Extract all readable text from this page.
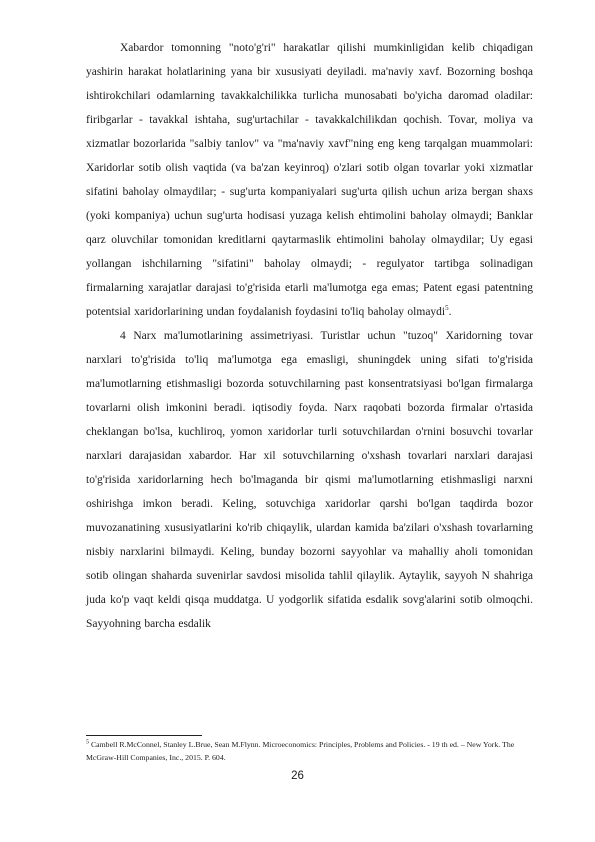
Xabardor tomonning "noto'g'ri" harakatlar qilishi mumkinligidan kelib chiqadigan yashirin harakat holatlarining yana bir xususiyati deyiladi. ma'naviy xavf. Bozorning boshqa ishtirokchilari odamlarning tavakkalchilikka turlicha munosabati bo'yicha daromad oladilar: firibgarlar - tavakkal ishtaha, sug'urtachilar - tavakkalchilikdan qochish. Tovar, moliya va xizmatlar bozorlarida "salbiy tanlov" va "ma'naviy xavf"ning eng keng tarqalgan muammolari: Xaridorlar sotib olish vaqtida (va ba'zan keyinroq) o'zlari sotib olgan tovarlar yoki xizmatlar sifatini baholay olmaydilar; - sug'urta kompaniyalari sug'urta qilish uchun ariza bergan shaxs (yoki kompaniya) uchun sug'urta hodisasi yuzaga kelish ehtimolini baholay olmaydi; Banklar qarz oluvchilar tomonidan kreditlarni qaytarmaslik ehtimolini baholay olmaydilar; Uy egasi yollangan ishchilarning "sifatini" baholay olmaydi; - regulyator tartibga solinadigan firmalarning xarajatlar darajasi to'g'risida etarli ma'lumotga ega emas; Patent egasi patentning potentsial xaridorlarining undan foydalanish foydasini to'liq baholay olmaydi$^5$.

4 Narx ma'lumotlarining assimetriyasi. Turistlar uchun "tuzoq" Xaridorning tovar narxlari to'g'risida to'liq ma'lumotga ega emasligi, shuningdek uning sifati to'g'risida ma'lumotlarning etishmasligi bozorda sotuvchilarning past konsentratsiyasi bo'lgan firmalarga tovarlarni olish imkonini beradi. iqtisodiy foyda. Narx raqobati bozorda firmalar o'rtasida cheklangan bo'lsa, kuchliroq, yomon xaridorlar turli sotuvchilardan o'rnini bosuvchi tovarlar narxlari darajasidan xabardor. Har xil sotuvchilarning o'xshash tovarlari narxlari darajasi to'g'risida xaridorlarning hech bo'lmaganda bir qismi ma'lumotlarning etishmasligi narxni oshirishga imkon beradi. Keling, sotuvchiga xaridorlar qarshi bo'lgan taqdirda bozor muvozanatining xususiyatlarini ko'rib chiqaylik, ulardan kamida ba'zilari o'xshash tovarlarning nisbiy narxlarini bilmaydi. Keling, bunday bozorni sayyohlar va mahalliy aholi tomonidan sotib olingan shaharda suvenirlar savdosi misolida tahlil qilaylik. Aytaylik, sayyoh N shahriga juda ko'p vaqt keldi qisqa muddatga. U yodgorlik sifatida esdalik sovg'alarini sotib olmoqchi. Sayyohning barcha esdalik

$^5$ Cambell R.McConnel, Stanley L.Brue, Sean M.Flynn. Microeconomics: Principles, Problems and Policies. - 19 th ed. – New York. The McGraw-Hill Companies, Inc., 2015. P. 604.
26
